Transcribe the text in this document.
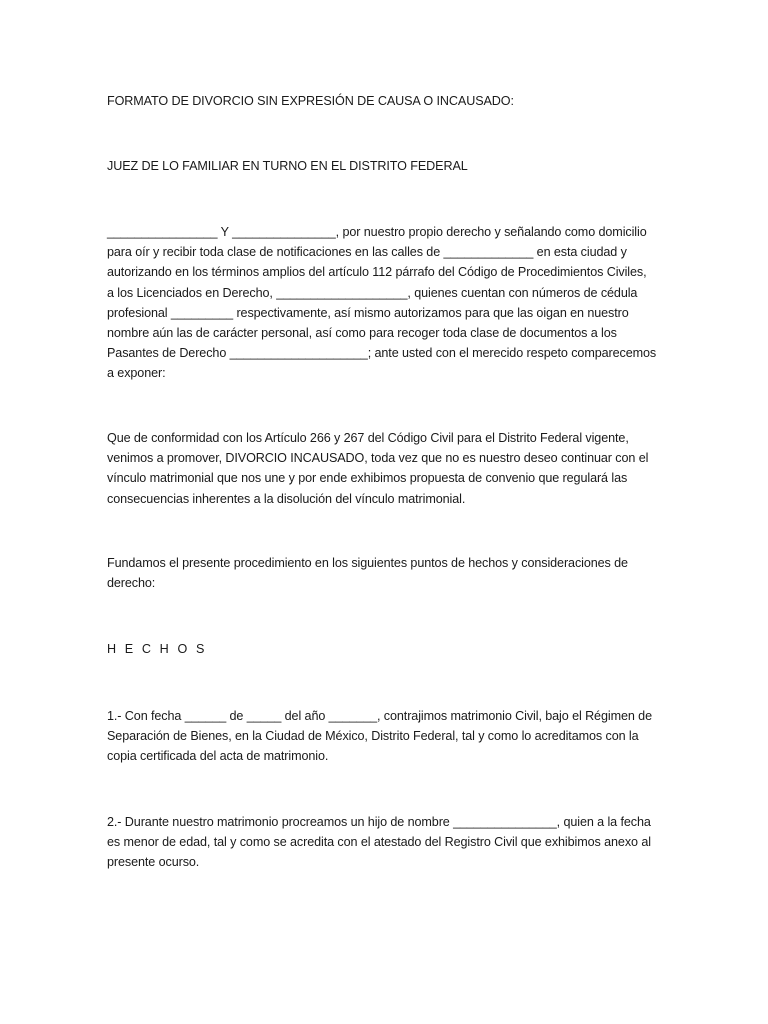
FORMATO DE DIVORCIO SIN EXPRESIÓN DE CAUSA O INCAUSADO:

JUEZ DE LO FAMILIAR EN TURNO EN EL DISTRITO FEDERAL

________________ Y _______________, por nuestro propio derecho y señalando como domicilio
para oír y recibir toda clase de notificaciones en las calles de _____________ en esta ciudad y
autorizando en los términos amplios del artículo 112 párrafo del Código de Procedimientos Civiles,
a los Licenciados en Derecho, ___________________, quienes cuentan con números de cédula
profesional _________ respectivamente, así mismo autorizamos para que las oigan en nuestro
nombre aún las de carácter personal, así como para recoger toda clase de documentos a los
Pasantes de Derecho ____________________; ante usted con el merecido respeto comparecemos
a exponer:

Que de conformidad con los Artículo 266 y 267 del Código Civil para el Distrito Federal vigente,
venimos a promover, DIVORCIO INCAUSADO, toda vez que no es nuestro deseo continuar con el
vínculo matrimonial que nos une y por ende exhibimos propuesta de convenio que regulará las
consecuencias inherentes a la disolución del vínculo matrimonial.

Fundamos el presente procedimiento en los siguientes puntos de hechos y consideraciones de
derecho:

H E C H O S

1.- Con fecha ______ de _____ del año _______, contrajimos matrimonio Civil, bajo el Régimen de
Separación de Bienes, en la Ciudad de México, Distrito Federal, tal y como lo acreditamos con la
copia certificada del acta de matrimonio.

2.- Durante nuestro matrimonio procreamos un hijo de nombre _______________, quien a la fecha
es menor de edad, tal y como se acredita con el atestado del Registro Civil que exhibimos anexo al
presente ocurso.
